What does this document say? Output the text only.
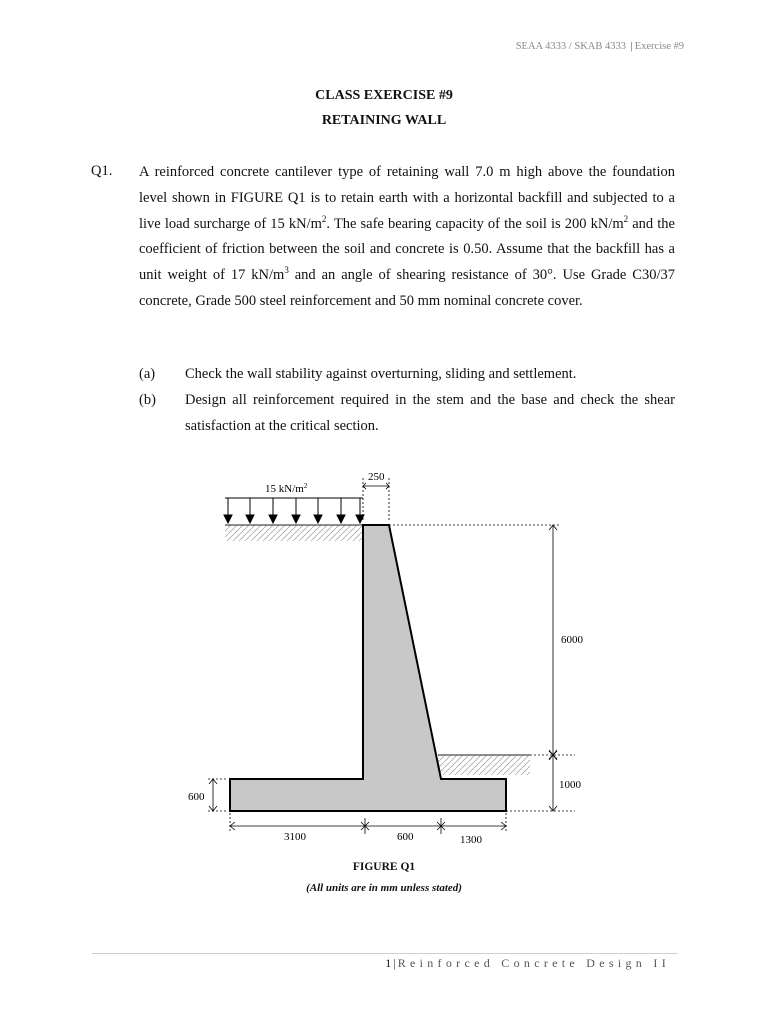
SEAA 4333 / SKAB 4333 | Exercise #9
CLASS EXERCISE #9
RETAINING WALL
Q1. A reinforced concrete cantilever type of retaining wall 7.0 m high above the foundation level shown in FIGURE Q1 is to retain earth with a horizontal backfill and subjected to a live load surcharge of 15 $kN/m^2$. The safe bearing capacity of the soil is 200 $kN/m^2$ and the coefficient of friction between the soil and concrete is 0.50. Assume that the backfill has a unit weight of 17 $kN/m^3$ and an angle of shearing resistance of 30°. Use Grade C30/37 concrete, Grade 500 steel reinforcement and 50 mm nominal concrete cover.
(a) Check the wall stability against overturning, sliding and settlement.
(b) Design all reinforcement required in the stem and the base and check the shear satisfaction at the critical section.
15 $kN/m^2$
250
6000
1000
600
3100	600	1300
FIGURE Q1
(All units are in mm unless stated)
1 | Reinforced Concrete Design II
